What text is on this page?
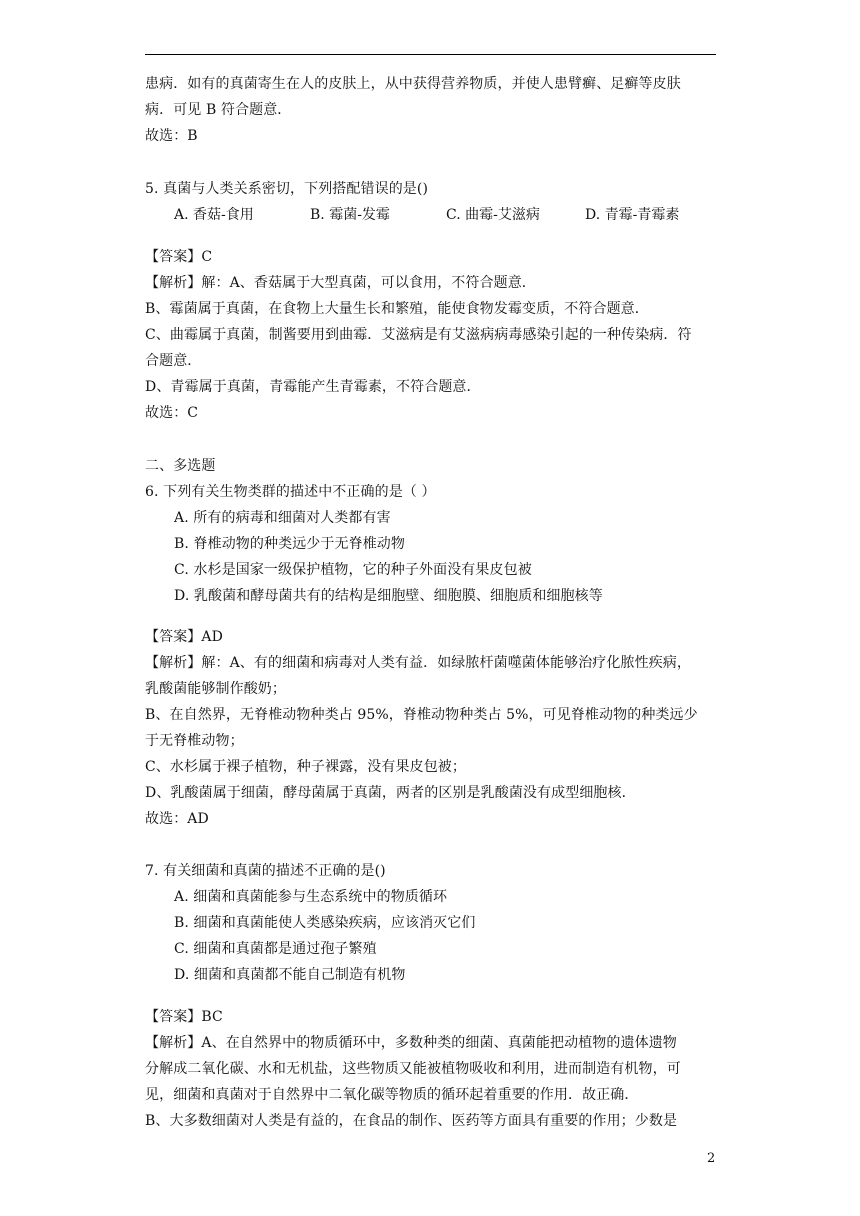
患病．如有的真菌寄生在人的皮肤上，从中获得营养物质，并使人患臂癣、足癣等皮肤
病．可见 B 符合题意．
故选：B
5. 真菌与人类关系密切，下列搭配错误的是()
A. 香菇-食用	B. 霉菌-发霉	C. 曲霉-艾滋病	D. 青霉-青霉素
【答案】C
【解析】解：A、香菇属于大型真菌，可以食用，不符合题意．
B、霉菌属于真菌，在食物上大量生长和繁殖，能使食物发霉变质，不符合题意．
C、曲霉属于真菌，制酱要用到曲霉．艾滋病是有艾滋病病毒感染引起的一种传染病．符
合题意．
D、青霉属于真菌，青霉能产生青霉素，不符合题意．
故选：C
二、多选题
6. 下列有关生物类群的描述中不正确的是（ ）
A. 所有的病毒和细菌对人类都有害
B. 脊椎动物的种类远少于无脊椎动物
C. 水杉是国家一级保护植物，它的种子外面没有果皮包被
D. 乳酸菌和酵母菌共有的结构是细胞壁、细胞膜、细胞质和细胞核等
【答案】AD
【解析】解：A、有的细菌和病毒对人类有益．如绿脓杆菌噬菌体能够治疗化脓性疾病，
乳酸菌能够制作酸奶；
B、在自然界，无脊椎动物种类占 95%，脊椎动物种类占 5%，可见脊椎动物的种类远少
于无脊椎动物；
C、水杉属于裸子植物，种子裸露，没有果皮包被；
D、乳酸菌属于细菌，酵母菌属于真菌，两者的区别是乳酸菌没有成型细胞核．
故选：AD
7. 有关细菌和真菌的描述不正确的是()
A. 细菌和真菌能参与生态系统中的物质循环
B. 细菌和真菌能使人类感染疾病，应该消灭它们
C. 细菌和真菌都是通过孢子繁殖
D. 细菌和真菌都不能自己制造有机物
【答案】BC
【解析】A、在自然界中的物质循环中，多数种类的细菌、真菌能把动植物的遗体遗物
分解成二氧化碳、水和无机盐，这些物质又能被植物吸收和利用，进而制造有机物，可
见，细菌和真菌对于自然界中二氧化碳等物质的循环起着重要的作用．故正确．
B、大多数细菌对人类是有益的，在食品的制作、医药等方面具有重要的作用；少数是
2
